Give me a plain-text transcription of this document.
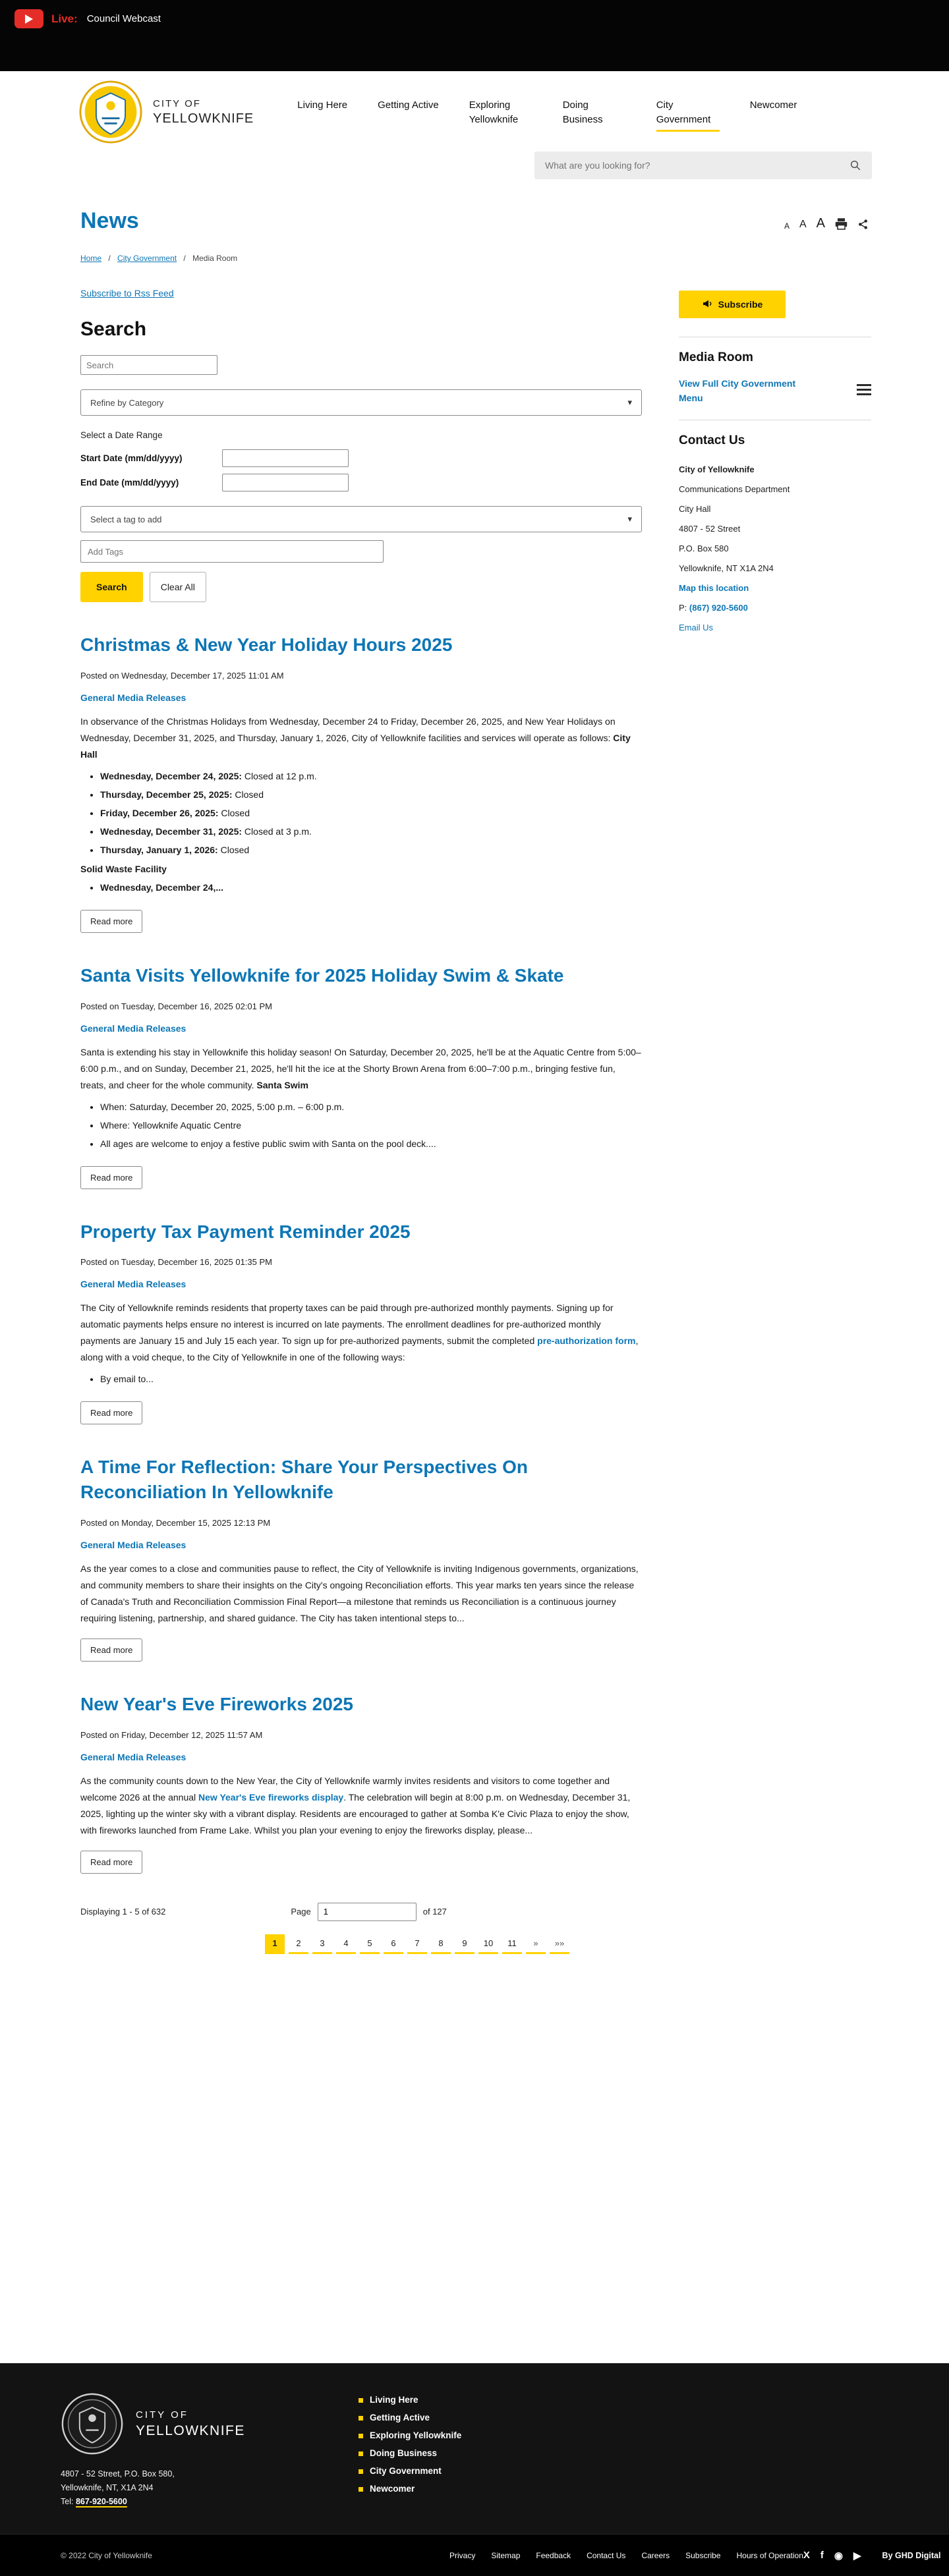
Live: Council Webcast
CITY OF
YELLOWKNIFE
Living Here	Getting Active	Exploring Yellowknife
Doing Business
City Government
Newcomer
What are you looking for?
News	A A A
Home / City Government / Media Room
Subscribe to Rss Feed
Search
Search
Refine by Category	▾
Select a Date Range
Start Date (mm/dd/yyyy)
End Date (mm/dd/yyyy)
Select a tag to add	▾
Add Tags
Search	Clear All
Christmas & New Year Holiday Hours 2025

Posted on Wednesday, December 17, 2025 11:01 AM

General Media Releases

In observance of the Christmas Holidays from Wednesday, December 24 to Friday, December 26, 2025, and New Year Holidays on Wednesday, December 31, 2025, and Thursday, January 1, 2026, City of Yellowknife facilities and services will operate as follows: City Hall

• Wednesday, December 24, 2025: Closed at 12 p.m.
• Thursday, December 25, 2025: Closed
• Friday, December 26, 2025: Closed
• Wednesday, December 31, 2025: Closed at 3 p.m.
• Thursday, January 1, 2026: Closed

Solid Waste Facility

• Wednesday, December 24,...
Read more
Santa Visits Yellowknife for 2025 Holiday Swim & Skate

Posted on Tuesday, December 16, 2025 02:01 PM

General Media Releases

Santa is extending his stay in Yellowknife this holiday season! On Saturday, December 20, 2025, he'll be at the Aquatic Centre from 5:00–6:00 p.m., and on Sunday, December 21, 2025, he'll hit the ice at the Shorty Brown Arena from 6:00–7:00 p.m., bringing festive fun, treats, and cheer for the whole community. Santa Swim

• When: Saturday, December 20, 2025, 5:00 p.m. – 6:00 p.m.
• Where: Yellowknife Aquatic Centre
• All ages are welcome to enjoy a festive public swim with Santa on the pool deck....
Read more
Property Tax Payment Reminder 2025

Posted on Tuesday, December 16, 2025 01:35 PM

General Media Releases

The City of Yellowknife reminds residents that property taxes can be paid through pre-authorized monthly payments. Signing up for automatic payments helps ensure no interest is incurred on late payments. The enrollment deadlines for pre-authorized monthly payments are January 15 and July 15 each year. To sign up for pre-authorized payments, submit the completed pre-authorization form, along with a void cheque, to the City of Yellowknife in one of the following ways:

• By email to...
Read more
A Time For Reflection: Share Your Perspectives On Reconciliation In Yellowknife

Posted on Monday, December 15, 2025 12:13 PM

General Media Releases

As the year comes to a close and communities pause to reflect, the City of Yellowknife is inviting Indigenous governments, organizations, and community members to share their insights on the City's ongoing Reconciliation efforts. This year marks ten years since the release of Canada's Truth and Reconciliation Commission Final Report—a milestone that reminds us Reconciliation is a continuous journey requiring listening, partnership, and shared guidance. The City has taken intentional steps to...

Read more
New Year's Eve Fireworks 2025

Posted on Friday, December 12, 2025 11:57 AM

General Media Releases

As the community counts down to the New Year, the City of Yellowknife warmly invites residents and visitors to come together and welcome 2026 at the annual New Year's Eve fireworks display. The celebration will begin at 8:00 p.m. on Wednesday, December 31, 2025, lighting up the winter sky with a vibrant display. Residents are encouraged to gather at Somba K'e Civic Plaza to enjoy the show, with fireworks launched from Frame Lake. Whilst you plan your evening to enjoy the fireworks display, please...

Read more
Displaying 1 - 5 of 632	Page
1	of 127
1	2	3	4	5	6	7	8	9	10	11	»	»»
Subscribe
Media Room
View Full City Government Menu
Contact Us
City of Yellowknife
Communications Department
City Hall
4807 - 52 Street
P.O. Box 580
Yellowknife, NT X1A 2N4
Map this location
P: (867) 920-5600
Email Us
CITY OF
YELLOWKNIFE
4807 - 52 Street, P.O. Box 580,
Yellowknife, NT, X1A 2N4
Tel: 867-920-5600
Living Here
Getting Active
Exploring Yellowknife
Doing Business
City Government
Newcomer
© 2022 City of Yellowknife	Privacy Sitemap Feedback Contact Us Careers Subscribe Hours of Operation X f ◉ ▶	By GHD Digital
